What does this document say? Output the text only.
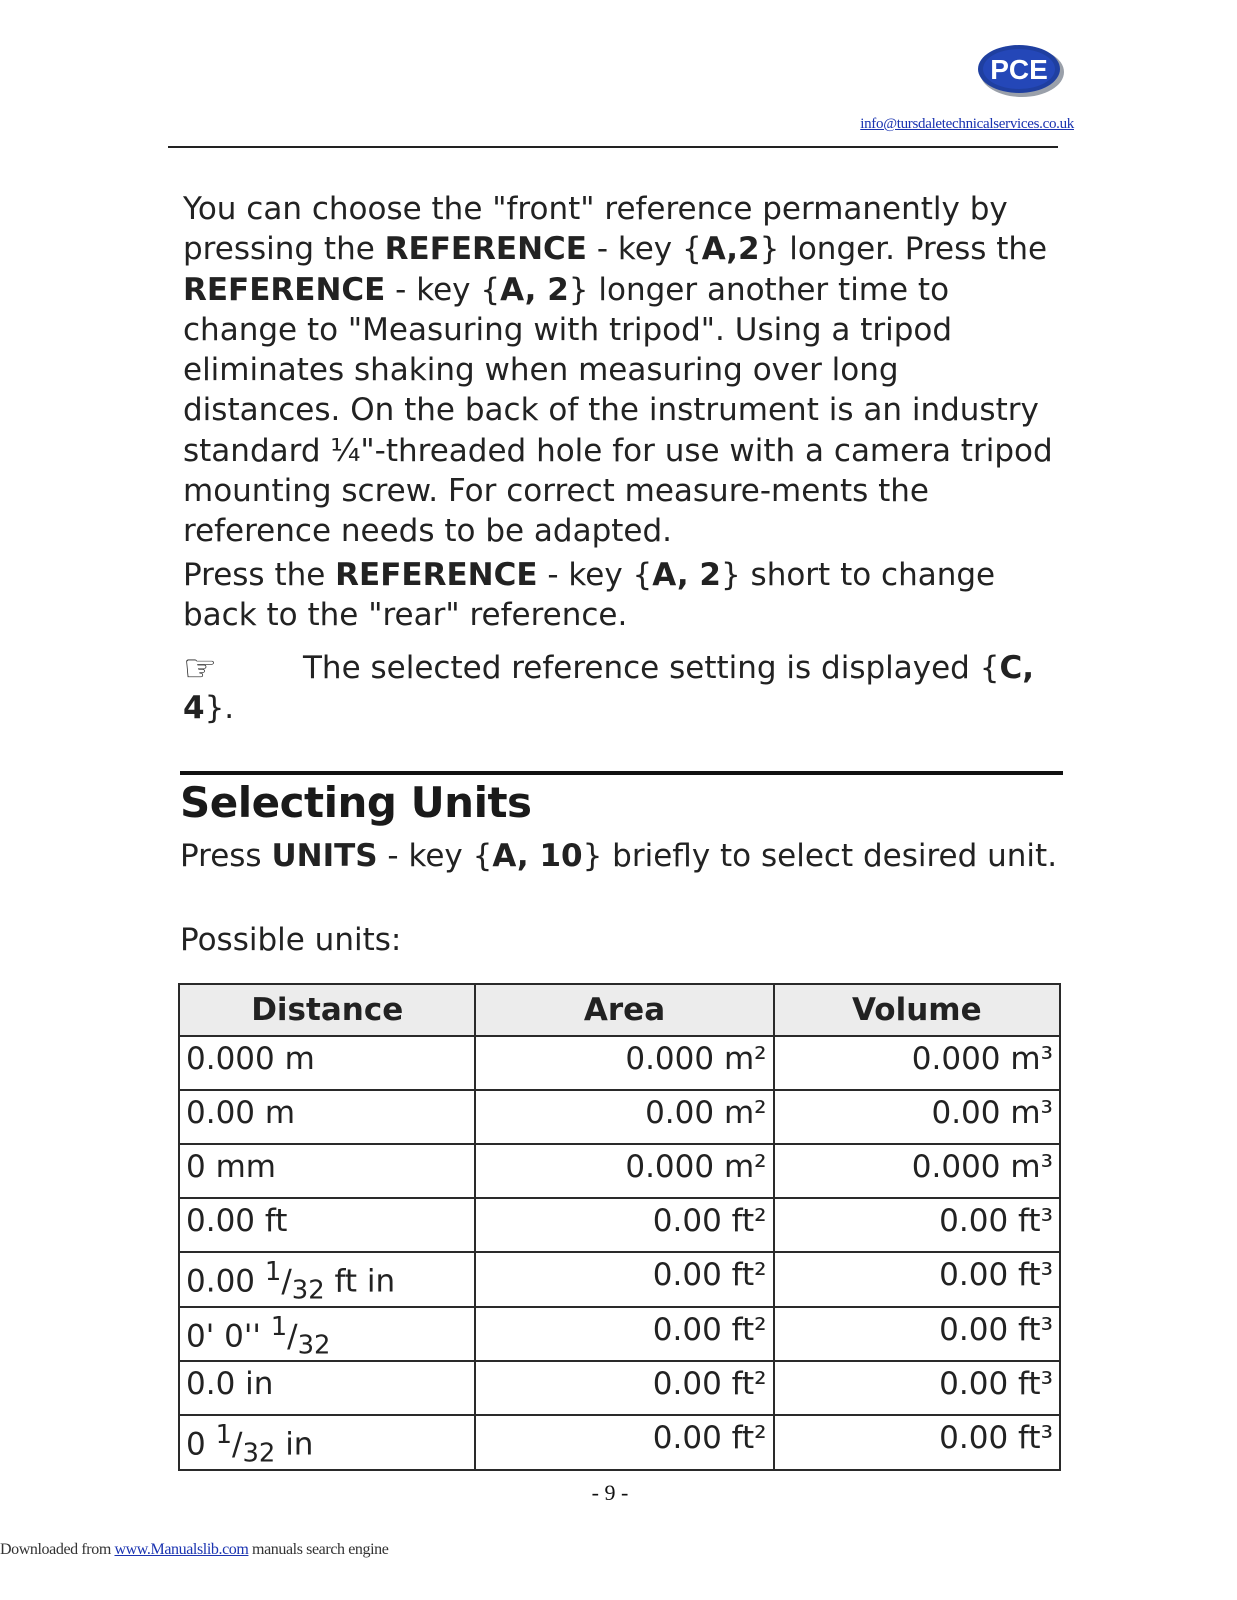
PCE
info@tursdaletechnicalservices.co.uk
You can choose the "front" reference permanently by pressing the REFERENCE - key {A,2} longer. Press the REFERENCE - key {A, 2} longer another time to change to "Measuring with tripod". Using a tripod eliminates shaking when measuring over long distances. On the back of the instrument is an industry standard ¼"-threaded hole for use with a camera tripod mounting screw. For correct measure-ments the reference needs to be adapted.
Press the REFERENCE - key {A, 2} short to change back to the "rear" reference.
☞	The selected reference setting is displayed {C, 4}.
Selecting Units
Press UNITS - key {A, 10} briefly to select desired unit.
Possible units:
Distance	Area	Volume
0.000 m	0.000 m²	0.000 m³
0.00 m	0.00 m²	0.00 m³
0 mm	0.000 m²	0.000 m³
0.00 ft	0.00 ft²	0.00 ft³
0.00 $^1/_{32}$ ft in	0.00 ft²	0.00 ft³
0' 0'' $^1/_{32}$	0.00 ft²	0.00 ft³
0.0 in	0.00 ft²	0.00 ft³
0 $^1/_{32}$ in	0.00 ft²	0.00 ft³
- 9 -
Downloaded from www.Manualslib.com manuals search engine
